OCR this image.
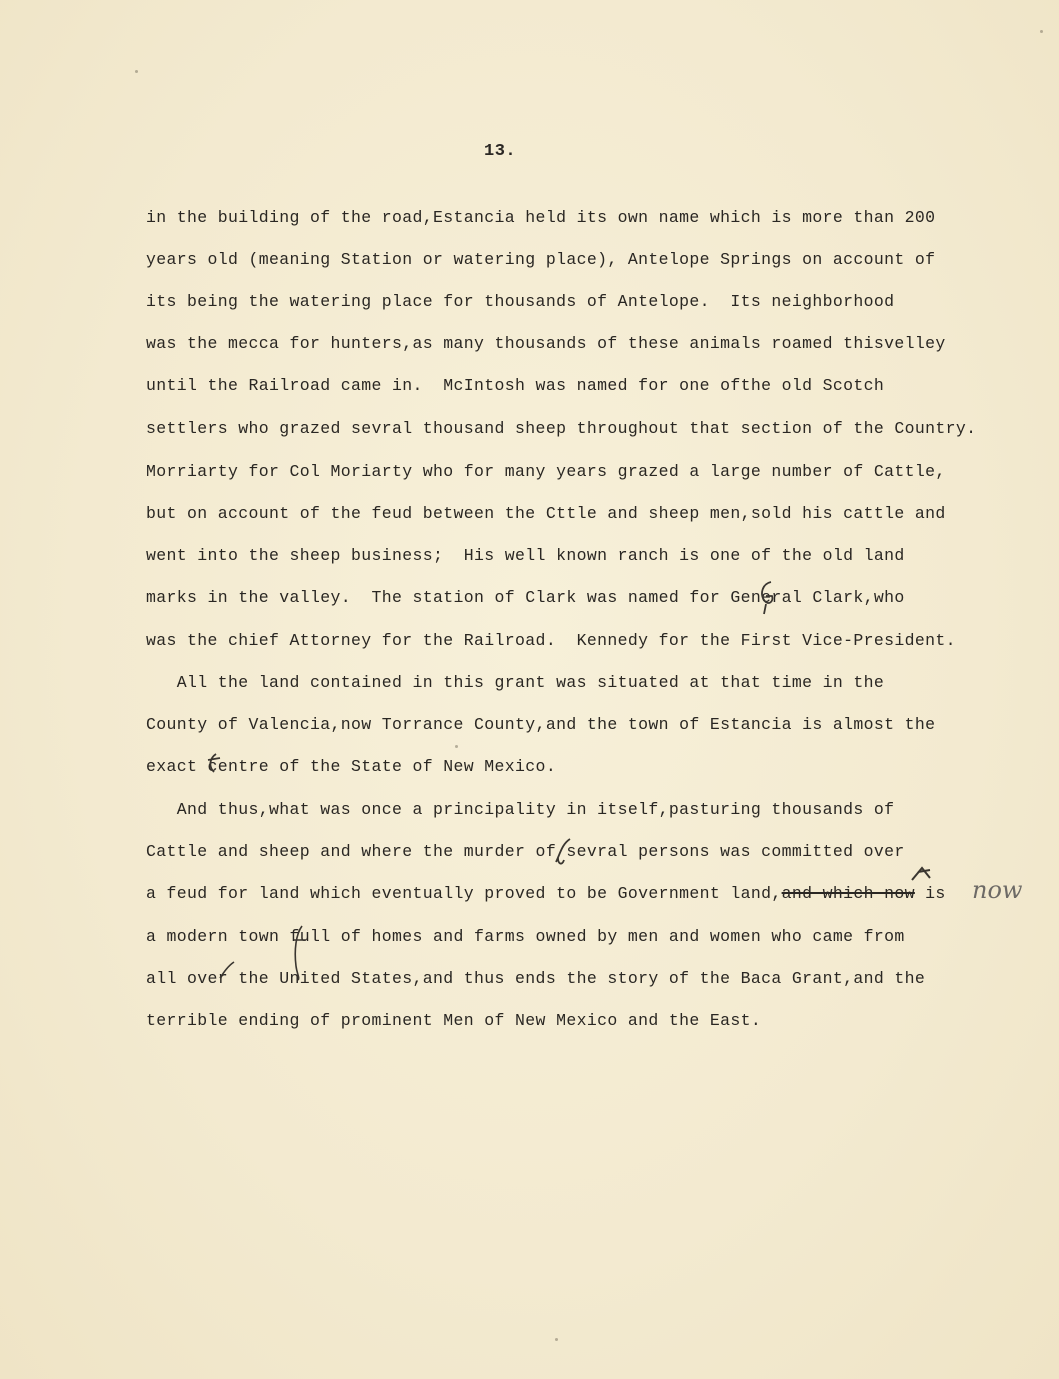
13.
in the building of the road,Estancia held its own name which is more than 200
years old (meaning Station or watering place), Antelope Springs on account of
its being the watering place for thousands of Antelope.  Its neighborhood
was the mecca for hunters,as many thousands of these animals roamed thisvelley
until the Railroad came in.  McIntosh was named for one ofthe old Scotch
settlers who grazed sevral thousand sheep throughout that section of the Country.
Morriarty for Col Moriarty who for many years grazed a large number of Cattle,
but on account of the feud between the Cttle and sheep men,sold his cattle and
went into the sheep business;  His well known ranch is one of the old land
marks in the valley.  The station of Clark was named for General Clark,who
was the chief Attorney for the Railroad.  Kennedy for the First Vice-President.
All the land contained in this grant was situated at that time in the
County of Valencia,now Torrance County,and the town of Estancia is almost the
exact centre of the State of New Mexico.
And thus,what was once a principality in itself,pasturing thousands of
Cattle and sheep and where the murder of sevral persons was committed over
a feud for land which eventually proved to be Government land,and which now is
a modern town full of homes and farms owned by men and women who came from
all over the United States,and thus ends the story of the Baca Grant,and the
terrible ending of prominent Men of New Mexico and the East.
now
